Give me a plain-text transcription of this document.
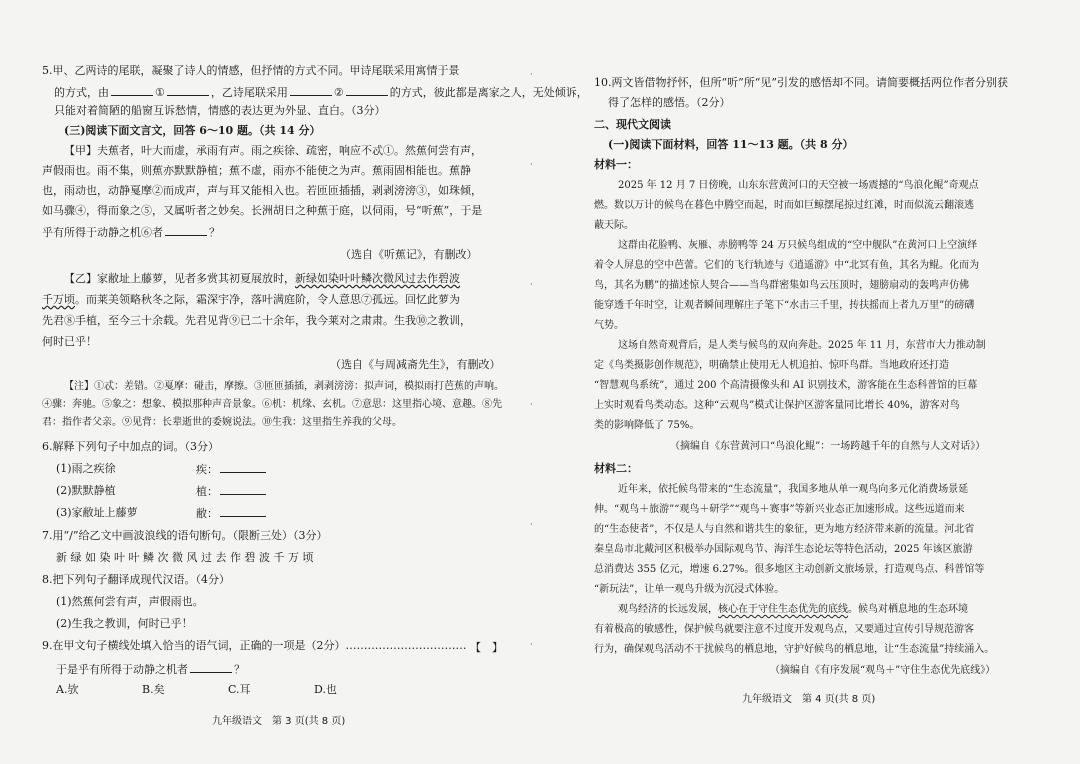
5.甲、乙两诗的尾联，凝聚了诗人的情感，但抒情的方式不同。甲诗尾联采用寓情于景
的方式，由	①	，乙诗尾联采用	②	的方式，彼此都是离家之人，无处倾诉，
只能对着简陋的船窗互诉愁情，情感的表达更为外显、直白。（3分）
(三)阅读下面文言文，回答 6～10 题。（共 14 分）
【甲】夫蕉者，叶大而虚，承雨有声。雨之疾徐、疏密，响应不忒①。然蕉何尝有声，
声假雨也。雨不集，则蕉亦默默静植；蕉不虚，雨亦不能使之为声。蕉雨固相能也。蕉静
也，雨动也，动静戛摩②而成声，声与耳又能相入也。若匝匝插插，剥剥滂滂③，如珠倾，
如马骤④，得而象之⑤，又属听者之妙矣。长洲胡日之种蕉于庭，以伺雨，号“听蕉”，于是
乎有所得于动静之机⑥者	？
（选自《听蕉记》，有删改）
【乙】家敝址上藤萝，见者多赏其初夏展放时，新绿如染叶叶鳞次微风过去作碧波
千万顷。而莱美领略秋冬之际，霜深宇净，落叶满庭阶，令人意思⑦孤远。回忆此萝为
先君⑧手植，至今三十余载。先君见背⑨已二十余年，我今莱对之肃肃。生我⑩之教训，
何时已乎！
（选自《与周减斋先生》，有删改）
【注】①忒：差错。②戛摩：碰击，摩擦。③匝匝插插，剥剥滂滂：拟声词，模拟雨打芭蕉的声响。
④骤：奔驰。⑤象之：想象、模拟那种声音景象。⑥机：机缘、玄机。⑦意思：这里指心境、意趣。⑧先
君：指作者父亲。⑨见背：长辈逝世的委婉说法。⑩生我：这里指生养我的父母。
6.解释下列句子中加点的词。（3分）
(1)雨之疾徐	疾：
(2)默默静植	植：
(3)家敝址上藤萝	敝：
7.用“/”给乙文中画波浪线的语句断句。（限断三处）（3分）
新 绿 如 染 叶 叶 鳞 次 微 风 过 去 作 碧 波 千 万 顷
8.把下列句子翻译成现代汉语。（4分）
(1)然蕉何尝有声，声假雨也。
(2)生我之教训，何时已乎！
9.在甲文句子横线处填入恰当的语气词，正确的一项是（2分）…………………………… 【　】
于是乎有所得于动静之机者	？
A.欤	B.矣	C.耳	D.也
九年级语文　第 3 页(共 8 页)
·
·
·
·
·
·
10.两文皆借物抒怀，但所“听”所“见”引发的感悟却不同。请简要概括两位作者分别获
得了怎样的感悟。（2分）
二、现代文阅读
(一)阅读下面材料，回答 11～13 题。（共 8 分）
材料一：
2025 年 12 月 7 日傍晚，山东东营黄河口的天空被一场震撼的“鸟浪化鲲”奇观点
燃。数以万计的候鸟在暮色中腾空而起，时而如巨鲸摆尾掠过红滩，时而似流云翻滚逃
蔽天际。
这群由花脸鸭、灰雁、赤膀鸭等 24 万只候鸟组成的“空中舰队”在黄河口上空演绎
着令人屏息的空中芭蕾。它们的飞行轨迹与《逍遥游》中“北冥有鱼，其名为鲲。化而为
鸟，其名为鹏”的描述惊人契合——当鸟群密集如鸟云压顶时，翅膀扇动的轰鸣声仿佛
能穿透千年时空，让观者瞬间理解庄子笔下“水击三千里，抟扶摇而上者九万里”的磅礴
气势。
这场自然奇观背后，是人类与候鸟的双向奔赴。2025 年 11 月，东营市大力推动制
定《鸟类摄影创作规范》，明确禁止使用无人机追拍、惊吓鸟群。当地政府还打造
“智慧观鸟系统”，通过 200 个高清摄像头和 AI 识别技术，游客能在生态科普馆的巨幕
上实时观看鸟类动态。这种“云观鸟”模式让保护区游客量同比增长 40%，游客对鸟
类的影响降低了 75%。
（摘编自《东营黄河口“鸟浪化鲲”：一场跨越千年的自然与人文对话》）
材料二：
近年来，依托候鸟带来的“生态流量”，我国多地从单一观鸟向多元化消费场景延
伸。“观鸟＋旅游”“观鸟＋研学”“观鸟＋赛事”等新兴业态正加速形成。这些远道而来
的“生态使者”，不仅是人与自然和谐共生的象征，更为地方经济带来新的流量。河北省
秦皇岛市北戴河区积极举办国际观鸟节、海洋生态论坛等特色活动，2025 年该区旅游
总消费达 355 亿元，增速 6.27%。很多地区主动创新文旅场景，打造观鸟点、科普馆等
“新玩法”，让单一观鸟升级为沉浸式体验。
观鸟经济的长远发展，核心在于守住生态优先的底线。候鸟对栖息地的生态环境
有着极高的敏感性，保护候鸟就要注意不过度开发观鸟点，又要通过宣传引导规范游客
行为，确保观鸟活动不干扰候鸟的栖息地，守护好候鸟的栖息地，让“生态流量”持续涌入。
（摘编自《有序发展“观鸟＋”守住生态优先底线》）
九年级语文　第 4 页(共 8 页)
